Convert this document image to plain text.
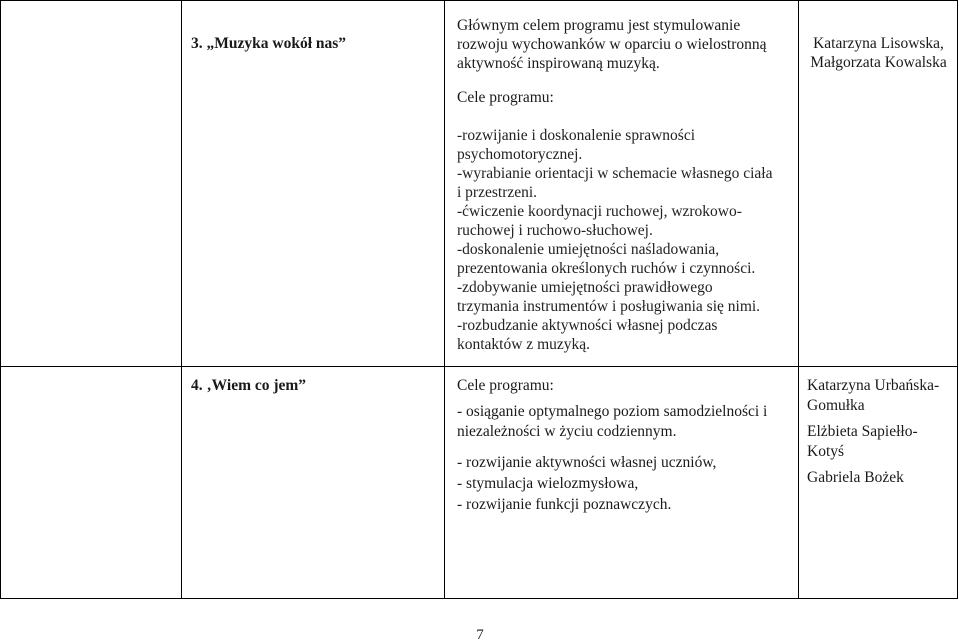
3. „Muzyka wokół nas”
Głównym celem programu jest stymulowanie
rozwoju wychowanków w oparciu o wielostronną
aktywność inspirowaną muzyką.
Cele programu:
-rozwijanie i doskonalenie sprawności
psychomotorycznej.
-wyrabianie orientacji w schemacie własnego ciała
i przestrzeni.
-ćwiczenie koordynacji ruchowej, wzrokowo-
ruchowej i ruchowo-słuchowej.
-doskonalenie umiejętności naśladowania,
prezentowania określonych ruchów i czynności.
-zdobywanie umiejętności prawidłowego
trzymania instrumentów i posługiwania się nimi.
-rozbudzanie aktywności własnej podczas
kontaktów z muzyką.
Katarzyna Lisowska,
Małgorzata Kowalska
4. ‚Wiem co jem”	Cele programu:
- osiąganie optymalnego poziom samodzielności i
niezależności w życiu codziennym.
- rozwijanie aktywności własnej uczniów,
- stymulacja wielozmysłowa,
- rozwijanie funkcji poznawczych.
Katarzyna Urbańska-
Gomułka
Elżbieta Sapiełło-
Kotyś
Gabriela Bożek
7
